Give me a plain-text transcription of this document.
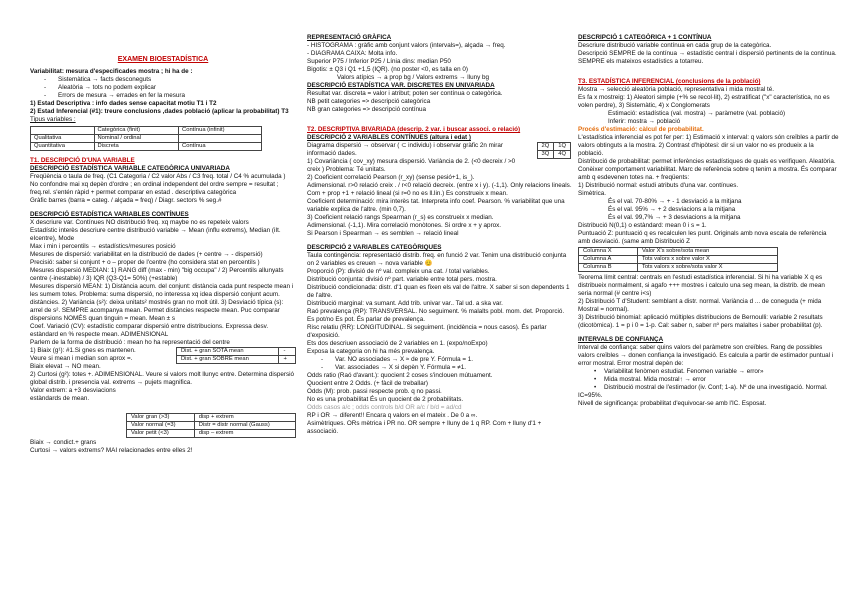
EXAMEN BIOESTADÍSTICA

Variabilitat: mesura d'especificades mostra ; hi ha de :

- Sistemàtica → facts desconeguts

- Aleatòria → tots no podem explicar

- Errors de mesura → errades en fer la mesura

1) Estad Descriptiva : info dades sense capacitat motiu T1 i T2

2) Estad Inferencial (#1): treure conclusions ,dades població (aplicar la probabilitat) T3

Tipus variables :

	Categòrica (finit)	Contínua (infinit)
Qualitativa	Nominal / ordinal	
Quantitativa	Discreta	Contínua

T1. DESCRIPCIÓ D'UNA VARIABLE

DESCRIPCIÓ ESTADÍSTICA VARIABLE CATEGÒRICA UNIVARIADA

Freqüència o taula de freq. (C1 Categoria / C2 valor Abs / C3 freq. total / C4 % acumulada )

No confondre mai xq depèn d'ordre ; en ordinal independent del ordre sempre = resultat ; freq.rel. s'entén ràpid + permet comparar en estad . descriptiva categòrica

Gràfic barres (barra = categ. / alçada = freq) / Diagr. sectors % seg.#

DESCRIPCIÓ ESTADÍSTICA VARIABLES CONTÍNUES

X descriure var. Contínues NO distribució freq. xq maybe no es repeteix valors

Estadístic interès descriure centre distribució variable → Mean (influ extrems), Median (iIt. eIcentre), Mode

Max i min i percentils → estadístics/mesures posició

Mesures de dispersió: variabilitat en la distribució de dades (+ centre → - dispersió)

Precisió: saber si conjunt + o – proper de l'centre (ho considera stat en percentils )

Mesures dispersió MEDIAN: 1) RANG diff (max - min) "big occupa" / 2) Percentils allunyats centre (-inestable) / 3) IQR (Q3-Q1= 50%) (+estable)

Mesures dispersió MEAN: 1) Distància acum. del conjunt: distància cada punt respecte mean i les sumem totes. Problema: suma dispersió, no interessa xq idea dispersió conjunt acum. distàncies. 2) Variància (s²): deixa unitats² mostrés gran no molt útil. 3) Desviació típica (s): arrel de s². SEMPRE acompanya mean. Permet distàncies respecte mean. Puc comparar dispersions NOMÉS quan tinguin = mean. Mean ± s

Coef. Variació (CV): estadístic comparar dispersió entre distribucions. Expressa desv. estàndard en % respecte mean. ADIMENSIONAL

Parlem de la forma de distribució : mean ho ha representació del centre

1) Biaix (g¹): #1.Si gnes es mantenen.

Veure si mean i median son aprox =.

Biaix elevat → NO mean.

Dist. + gran SOTA mean	-
Dist. + gran SOBRE mean	+

2) Curtosi (g²): totes +. ADIMENSIONAL. Veure si valors molt llunyc entre. Determina dispersió global distrib. i presencia val. extrems → pujets magnifica.

Valor extrem: a +3 desviacions estàndards de mean.

Valor gran (>3)	disp + extrem
Valor normal (=3)	Distr = distr normal (Gauss)
Valor petit (<3)	disp – extrem

Biaix → condict.+ grans

Curtosi → valors extrems? MAI relacionades entre elles 2!

REPRESENTACIÓ GRÀFICA

- HISTOGRAMA : gràfic amb conjunt valors (intervals=), alçada → freq.

- DIAGRAMA CAIXA: Molta info.

Superior P75 / Inferior P25 / Línia dins: median P50

Bigotis: ± Q3 i Q1 +1,5 (IQR). (no poster <0, es talla en 0)

Valors atípics → a prop bg / Valors extrems → lluny bg

DESCRIPCIÓ ESTADÍSTICA VAR. DISCRETES EN UNIVARIADA

Resultat var. discreta = valor i atribut; poten ser contínua o categòrica.

NB petit categories => descripció categòrica

NB gran categories => descripció contínua

T2. DESCRIPTIVA BIVARIADA (descrip. 2 var. i buscar associ. o relació)

DESCRIPCIÓ 2 VARIABLES CONTÍNUES (altura i edat )

2Q	1Q
3Q	4Q

Diagrama dispersió → observar ( ⊂ individu) i observar gràfic 2n mirar informació dades.

1) Covariància ( cov_xy) mesura dispersió. Variància de 2. (<0 decreix / >0 creix ) Problema: Té unitats.

2) Coeficient correlació Pearson (r_xy) (sense pesió+1, is_).

Adimensional. r>0 relació creix . / r<0 relació decreix. (entre x i y). (-1,1). Only relacions lineals. Com + prop +1 + relació lineal (si r=0 no es ll.lin.) Es construeix x mean.

Coeficient determinació: mira interès tat. Interpreta info coef. Pearson. % variabilitat que una variable explica de l'altre. (min 0,7).

3) Coeficient relació rangs Spearman (r_s) es construeix x median.

Adimensional. (-1,1). Mira correlació monòtones. Si ordre x + y aprox.

Si Pearson i Spearman → es semblen → relació lineal

DESCRIPCIÓ 2 VARIABLES CATEGÒRIQUES

Taula contingència: representació distrib. freq. en funció 2 var. Tenim una distribució conjunta on 2 variables es creuen → nova variable 😊

Proporció (P): divisió de nº val. compleix una cat. / total variables.

Distribució conjunta: divisió nº part. variable entre total pers. mostra.

Distribució condicionada: distr. d'1 quan es fixen els val de l'altre. X saber si son dependents 1 de l'altre.

Distribució marginal: va sumant. Add trib. univar var.. Tal ud. a ska var.

Raó prevalença (RP): TRANSVERSAL. No seguiment. % malalts pobl. mom. det. Proporció. Es pot/no Es pot. És parlar de prevalença.

Risc relatiu (RR): LONGITUDINAL. Si seguiment. (incidència = nous casos). És parlar d'exposició.

Ets dos descriuen associació de 2 variables en 1. (expo/noExpo)

Exposa la categoria on hi ha més prevalença.

- Var. NO associades → X ≈ de pre Y. Fórmula = 1.

- Var. associades → X si depèn Y. Fórmula = ≠1.

Odds ratio (Raó d'avant.): quocient 2 coses s'inclouen mútuament.

Quocient entre 2 Odds. (+ fàcil de treballar)

Odds (M): prob. passi respecte prob. q no passi.

No es una probabilitat És un quocient de 2 probabilitats.

Odds casos a/c ; odds controls b/d OR a/c / b/d = ad/cd

RP i OR → diferent!! Encara q valors en el mateix . De 0 a ∞.

Asimètriques. ORs mètrica i PR no. OR sempre + lluny de 1 q RP. Com + lluny d'1 + associació.

DESCRIPCIÓ 1 CATEGÒRICA + 1 CONTÍNUA

Descriure distribució variable contínua en cada grup de la categòrica.

Descripció SEMPRE de la contínua → estadístic central i dispersió pertinents de la contínua. SEMPRE els mateixos estadístics a totarreu.

T3. ESTADÍSTICA INFERENCIAL (conclusions de la població)

Mostra → selecció aleatòria població, representativa i mida mostral té.

Es fa x mostreig: 1) Aleatori simple (+% se recol·lit), 2) estratificat ("x" característica, no es volen perdre), 3) Sistemàtic, 4) x Conglomerats

Estimació: estadística (val. mostra) → paràmetre (val. població)

Inferir: mostra → població

Procés d'estimació: càlcul de probabilitat.

L'estadística inferencial es pot fer per: 1) Estimació x interval: q valors són creïbles a partir de valors obtinguts a la mostra. 2) Contrast d'hipòtesi: dir si un valor no es produeix a la població.

Distribució de probabilitat: permet inferències estadístiques de quals es verifiquen. Aleatòria. Conèixer comportament variabilitat. Marc de referència sobre q tenim a mostra. És comparar amb q esdevenen totes na. + freqüents:

1) Distribució normal: estudi atributs d'una var. contínues.

Simètrica.

És el val. 70-80% → + - 1 desviació a la mitjana

És el val. 95% → + 2 desviacions a la mitjana

És el val. 99,7% → + 3 desviacions a la mitjana

Distribució N(0,1) o estàndard: mean 0 i s = 1.

Puntuació Z: puntuació q es recalculen les punt. Originals amb nova escala de referència amb desviació. (same amb Distribució Z

Columna X	Valor X's sobre/sota mean
Columna A	Tots valors x sobre valor X
Columna B	Tots valors x sobre/sota valor X

Teorema límit central: centrals en l'estudi estadística inferencial. Si hi ha variable X q es distribueix normalment, si agafo +++ mostres i calculo una seg mean, la distrib. de mean seria normal (# centre i<s)

2) Distribució T d'Student: semblant a distr. normal. Variància d ... de coneguda (+ mida Mostral = normal).

3) Distribució binomial: aplicació múltiples distribucions de Bernoulli: variable 2 resultats (dicotòmica). 1 = p i 0 = 1-p. Cal: saber n, saber nº pers malaltes i saber probabilitat (p).

INTERVALS DE CONFIANÇA

Interval de confiança: saber quins valors del paràmetre son creïbles. Rang de possibles valors creïbles → donen confiança la investigació. Es calcula a partir de estimador puntual i error mostral. Error mostral depèn de:

• Variabilitat fenòmen estudiat. Fenomen variable → error»

• Mida mostral. Mida mostral↑ → error

• Distribució mostral de l'estimador (iv. Conf; 1-a). Nº de una investigació. Normal. IC=95%.

Nivell de significança: probabilitat d'equivocar-se amb l'IC. Esposat.
